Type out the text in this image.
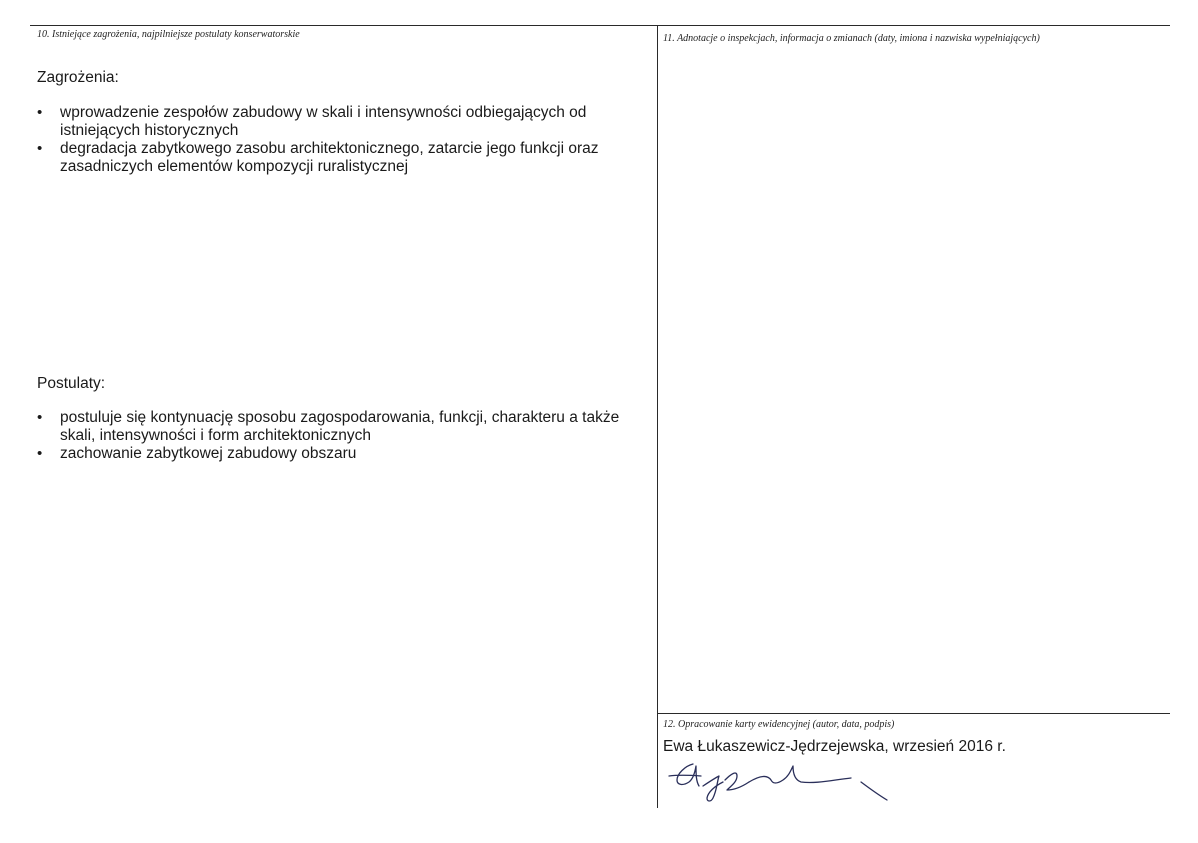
10. Istniejące zagrożenia, najpilniejsze postulaty konserwatorskie
Zagrożenia:
•	wprowadzenie zespołów zabudowy w skali i intensywności odbiegających od istniejących historycznych
•	degradacja zabytkowego zasobu architektonicznego, zatarcie jego funkcji oraz zasadniczych elementów kompozycji ruralistycznej
Postulaty:
•	postuluje się kontynuację sposobu zagospodarowania, funkcji, charakteru a także skali, intensywności i form architektonicznych
•	zachowanie zabytkowej zabudowy obszaru
11. Adnotacje o inspekcjach, informacja o zmianach (daty, imiona i nazwiska wypełniających)
12. Opracowanie karty ewidencyjnej (autor, data, podpis)
Ewa Łukaszewicz-Jędrzejewska, wrzesień 2016 r.
